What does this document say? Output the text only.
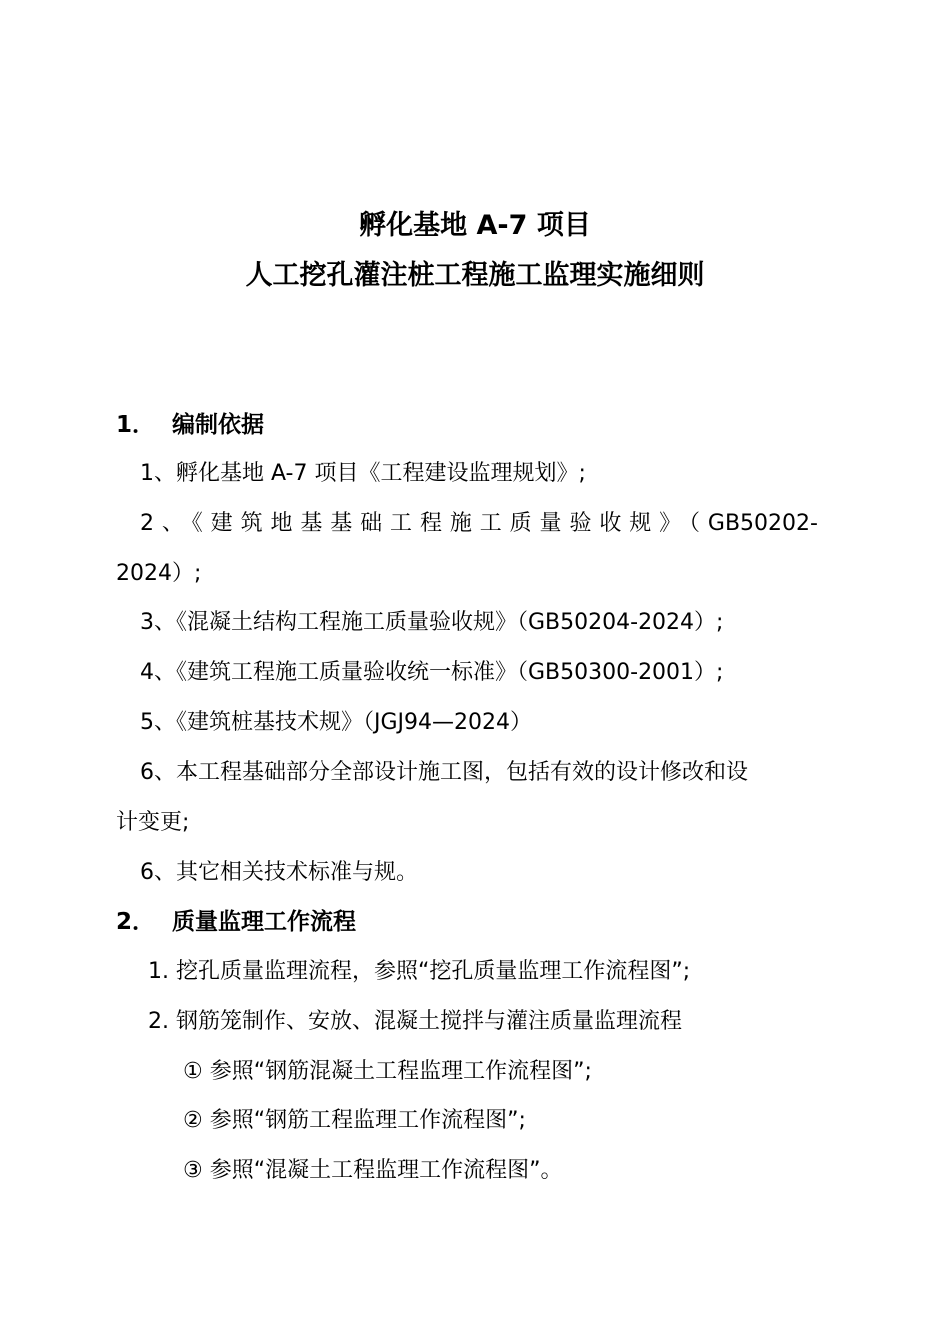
孵化基地 A-7 项目
人工挖孔灌注桩工程施工监理实施细则
1． 编制依据
1、孵化基地 A-7 项目《工程建设监理规划》;
2、《建筑地基基础工程施工质量验收规》（GB50202-
2024）;
3、《混凝土结构工程施工质量验收规》（GB50204-2024）;
4、《建筑工程施工质量验收统一标准》（GB50300-2001）;
5、《建筑桩基技术规》（JGJ94—2024）
6、本工程基础部分全部设计施工图，包括有效的设计修改和设
计变更;
6、其它相关技术标准与规。
2． 质量监理工作流程
1. 挖孔质量监理流程，参照“挖孔质量监理工作流程图”;
2. 钢筋笼制作、安放、混凝土搅拌与灌注质量监理流程
① 参照“钢筋混凝土工程监理工作流程图”;
② 参照“钢筋工程监理工作流程图”;
③ 参照“混凝土工程监理工作流程图”。
